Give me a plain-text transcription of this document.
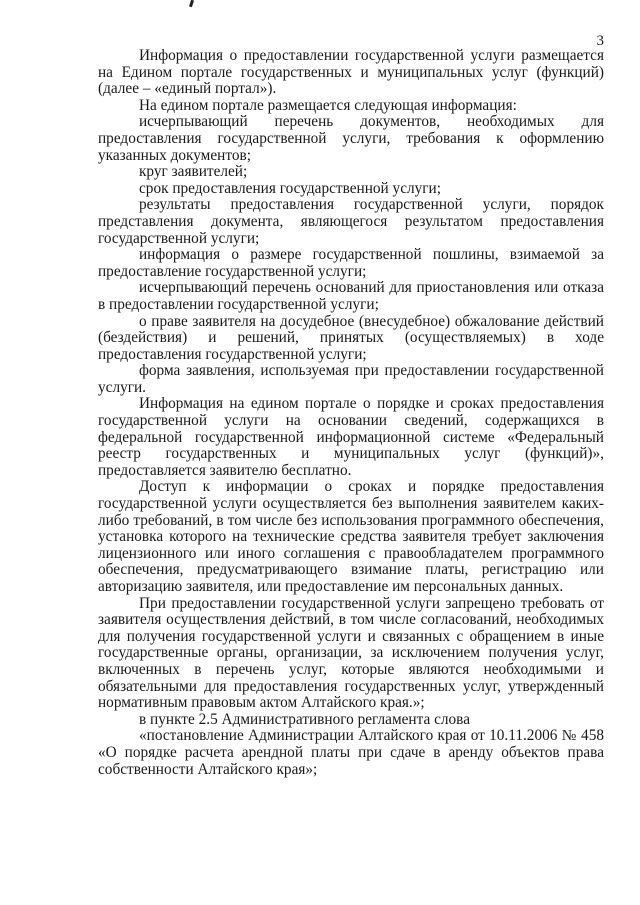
3

Информация о предоставлении государственной услуги размещается на Едином портале государственных и муниципальных услуг (функций) (далее – «единый портал»).

На едином портале размещается следующая информация:

исчерпывающий перечень документов, необходимых для предоставления государственной услуги, требования к оформлению указанных документов;

круг заявителей;

срок предоставления государственной услуги;

результаты предоставления государственной услуги, порядок представления документа, являющегося результатом предоставления государственной услуги;

информация о размере государственной пошлины, взимаемой за предоставление государственной услуги;

исчерпывающий перечень оснований для приостановления или отказа в предоставлении государственной услуги;

о праве заявителя на досудебное (внесудебное) обжалование действий (бездействия) и решений, принятых (осуществляемых) в ходе предоставления государственной услуги;

форма заявления, используемая при предоставлении государственной услуги.

Информация на едином портале о порядке и сроках предоставления государственной услуги на основании сведений, содержащихся в федеральной государственной информационной системе «Федеральный реестр государственных и муниципальных услуг (функций)», предоставляется заявителю бесплатно.

Доступ к информации о сроках и порядке предоставления государственной услуги осуществляется без выполнения заявителем каких-либо требований, в том числе без использования программного обеспечения, установка которого на технические средства заявителя требует заключения лицензионного или иного соглашения с правообладателем программного обеспечения, предусматривающего взимание платы, регистрацию или авторизацию заявителя, или предоставление им персональных данных.

При предоставлении государственной услуги запрещено требовать от заявителя осуществления действий, в том числе согласований, необходимых для получения государственной услуги и связанных с обращением в иные государственные органы, организации, за исключением получения услуг, включенных в перечень услуг, которые являются необходимыми и обязательными для предоставления государственных услуг, утвержденный нормативным правовым актом Алтайского края.»;

в пункте 2.5 Административного регламента слова

«постановление Администрации Алтайского края от 10.11.2006 № 458 «О порядке расчета арендной платы при сдаче в аренду объектов права собственности Алтайского края»;
